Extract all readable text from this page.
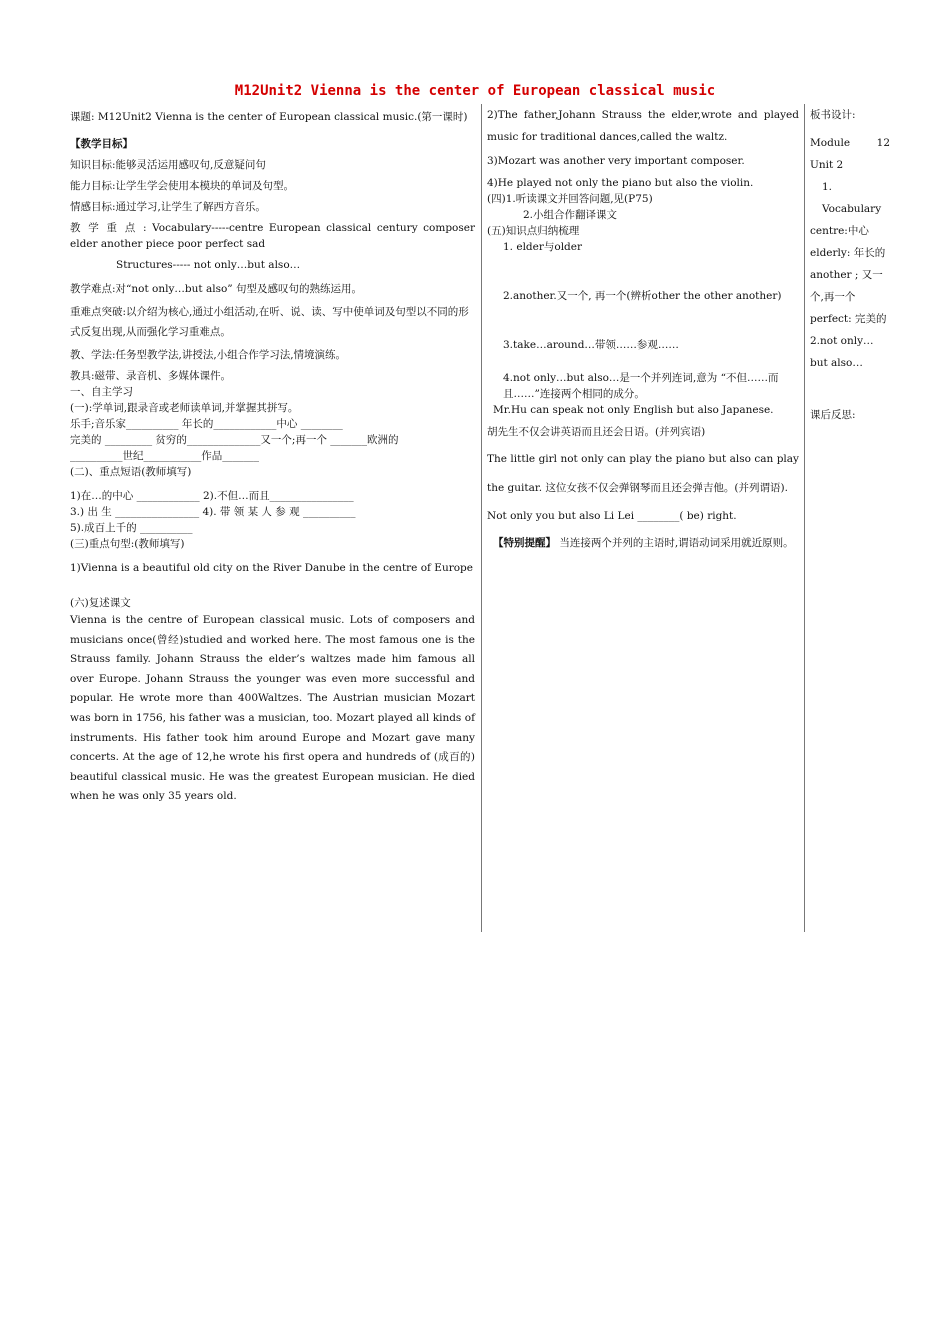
M12Unit2 Vienna is the center of European classical music

课题: M12Unit2 Vienna is the center of European classical music.(第一课时)

【教学目标】

知识目标:能够灵活运用感叹句,反意疑问句

能力目标:让学生学会使用本模块的单词及句型。

情感目标:通过学习,让学生了解西方音乐。

教 学 重 点 : Vocabulary-----centre European classical century composer elder another piece poor perfect sad

Structures----- not only…but also…

教学难点:对“not only…but also” 句型及感叹句的熟练运用。

重难点突破:以介绍为核心,通过小组活动,在听、说、读、写中使单词及句型以不同的形式反复出现,从而强化学习重难点。

教、学法:任务型教学法,讲授法,小组合作学习法,情境演练。

教具:磁带、录音机、多媒体课件。

一、自主学习

(一):学单词,跟录音或老师读单词,并掌握其拼写。

乐手;音乐家__________ 年长的____________中心 ________

完美的 _________ 贫穷的______________又一个;再一个 _______欧洲的

__________世纪___________作品_______

(二)、重点短语(教师填写)

1)在…的中心 ____________ 2).不但…而且________________

3.) 出 生 ________________ 4). 带 领 某 人 参 观 __________

5).成百上千的 __________

(三)重点句型:(教师填写)

1)Vienna is a beautiful old city on the River Danube in the centre of Europe

(六)复述课文

Vienna is the centre of European classical music. Lots of composers and musicians once(曾经)studied and worked here. The most famous one is the Strauss family. Johann Strauss the elder’s waltzes made him famous all over Europe. Johann Strauss the younger was even more successful and popular. He wrote more than 400Waltzes. The Austrian musician Mozart was born in 1756, his father was a musician, too. Mozart played all kinds of instruments. His father took him around Europe and Mozart gave many concerts. At the age of 12,he wrote his first opera and hundreds of (成百的) beautiful classical music. He was the greatest European musician. He died when he was only 35 years old.

2)The father,Johann Strauss the elder,wrote and played music for traditional dances,called the waltz.

3)Mozart was another very important composer.

4)He played not only the piano but also the violin.

(四)1.听读课文并回答问题,见(P75)

2.小组合作翻译课文

(五)知识点归纳梳理

1. elder与older

2.another.又一个, 再一个(辨析other the other another)

3.take…around…带领……参观……

4.not only…but also…是一个并列连词,意为 “不但……而且……”连接两个相同的成分。

Mr.Hu can speak not only English but also Japanese.

胡先生不仅会讲英语而且还会日语。(并列宾语)

The little girl not only can play the piano but also can play the guitar. 这位女孩不仅会弹钢琴而且还会弹吉他。(并列谓语).

Not only you but also Li Lei ________( be) right.

【特别提醒】 当连接两个并列的主语时,谓语动词采用就近原则。

板书设计:

Module 12 Unit 2

1. Vocabulary

centre:中心

elderly: 年长的

another ; 又一个,再一个

perfect: 完美的

2.not only…but also…

课后反思:
